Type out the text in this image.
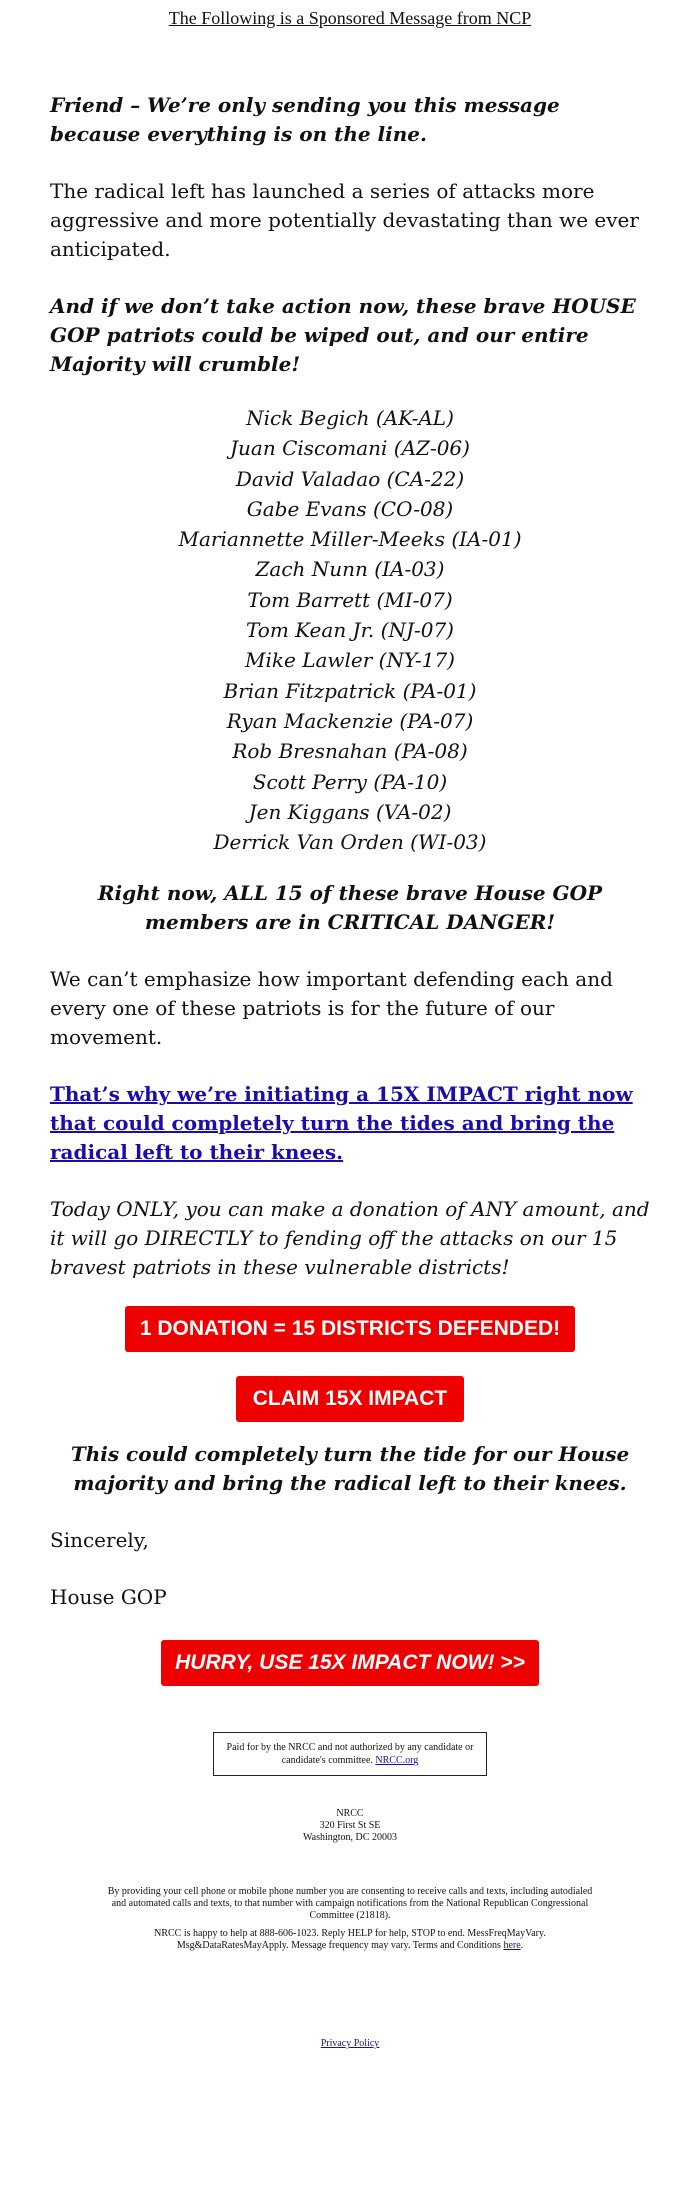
The Following is a Sponsored Message from NCP

Friend – We’re only sending you this message because everything is on the line.

The radical left has launched a series of attacks more aggressive and more potentially devastating than we ever anticipated.

And if we don’t take action now, these brave HOUSE GOP patriots could be wiped out, and our entire Majority will crumble!

Nick Begich (AK-AL)
Juan Ciscomani (AZ-06)
David Valadao (CA-22)
Gabe Evans (CO-08)
Mariannette Miller-Meeks (IA-01)
Zach Nunn (IA-03)
Tom Barrett (MI-07)
Tom Kean Jr. (NJ-07)
Mike Lawler (NY-17)
Brian Fitzpatrick (PA-01)
Ryan Mackenzie (PA-07)
Rob Bresnahan (PA-08)
Scott Perry (PA-10)
Jen Kiggans (VA-02)
Derrick Van Orden (WI-03)

Right now, ALL 15 of these brave House GOP members are in CRITICAL DANGER!

We can’t emphasize how important defending each and every one of these patriots is for the future of our movement.

That’s why we’re initiating a 15X IMPACT right now that could completely turn the tides and bring the radical left to their knees.

Today ONLY, you can make a donation of ANY amount, and it will go DIRECTLY to fending off the attacks on our 15 bravest patriots in these vulnerable districts!

1 DONATION = 15 DISTRICTS DEFENDED!
CLAIM 15X IMPACT

This could completely turn the tide for our House majority and bring the radical left to their knees.

Sincerely,

House GOP

HURRY, USE 15X IMPACT NOW! >>
Paid for by the NRCC and not authorized by any candidate or candidate's committee. NRCC.org

NRCC

320 First St SE

Washington, DC 20003

By providing your cell phone or mobile phone number you are consenting to receive calls and texts, including autodialed and automated calls and texts, to that number with campaign notifications from the National Republican Congressional Committee (21818).

NRCC is happy to help at 888-606-1023. Reply HELP for help, STOP to end. MessFreqMayVary. Msg&DataRatesMayApply. Message frequency may vary. Terms and Conditions here.

Privacy Policy
